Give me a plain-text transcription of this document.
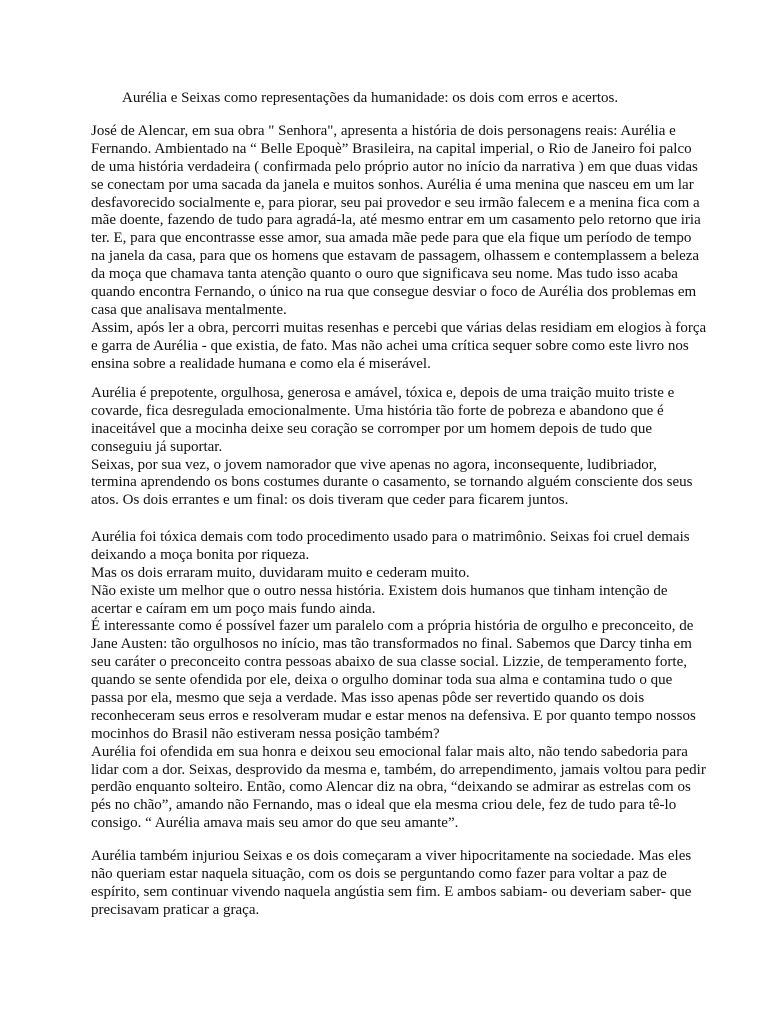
Aurélia e Seixas como representações da humanidade: os dois com erros e acertos.
José de Alencar, em sua obra " Senhora", apresenta a história de dois personagens reais: Aurélia e
Fernando. Ambientado na “ Belle Epoquè” Brasileira, na capital imperial, o Rio de Janeiro foi palco
de uma história verdadeira ( confirmada pelo próprio autor no início da narrativa ) em que duas vidas
se conectam por uma sacada da janela e muitos sonhos. Aurélia é uma menina que nasceu em um lar
desfavorecido socialmente e, para piorar, seu pai provedor e seu irmão falecem e a menina fica com a
mãe doente, fazendo de tudo para agradá-la, até mesmo entrar em um casamento pelo retorno que iria
ter. E, para que encontrasse esse amor, sua amada mãe pede para que ela fique um período de tempo
na janela da casa, para que os homens que estavam de passagem, olhassem e contemplassem a beleza
da moça que chamava tanta atenção quanto o ouro que significava seu nome. Mas tudo isso acaba
quando encontra Fernando, o único na rua que consegue desviar o foco de Aurélia dos problemas em
casa que analisava mentalmente.
Assim, após ler a obra, percorri muitas resenhas e percebi que várias delas residiam em elogios à força
e garra de Aurélia - que existia, de fato. Mas não achei uma crítica sequer sobre como este livro nos
ensina sobre a realidade humana e como ela é miserável.
Aurélia é prepotente, orgulhosa, generosa e amável, tóxica e, depois de uma traição muito triste e
covarde, fica desregulada emocionalmente. Uma história tão forte de pobreza e abandono que é
inaceitável que a mocinha deixe seu coração se corromper por um homem depois de tudo que
conseguiu já suportar.
Seixas, por sua vez, o jovem namorador que vive apenas no agora, inconsequente, ludibriador,
termina aprendendo os bons costumes durante o casamento, se tornando alguém consciente dos seus
atos. Os dois errantes e um final: os dois tiveram que ceder para ficarem juntos.
Aurélia foi tóxica demais com todo procedimento usado para o matrimônio. Seixas foi cruel demais
deixando a moça bonita por riqueza.
Mas os dois erraram muito, duvidaram muito e cederam muito.
Não existe um melhor que o outro nessa história. Existem dois humanos que tinham intenção de
acertar e caíram em um poço mais fundo ainda.
É interessante como é possível fazer um paralelo com a própria história de orgulho e preconceito, de
Jane Austen: tão orgulhosos no início, mas tão transformados no final. Sabemos que Darcy tinha em
seu caráter o preconceito contra pessoas abaixo de sua classe social. Lizzie, de temperamento forte,
quando se sente ofendida por ele, deixa o orgulho dominar toda sua alma e contamina tudo o que
passa por ela, mesmo que seja a verdade. Mas isso apenas pôde ser revertido quando os dois
reconheceram seus erros e resolveram mudar e estar menos na defensiva. E por quanto tempo nossos
mocinhos do Brasil não estiveram nessa posição também?
Aurélia foi ofendida em sua honra e deixou seu emocional falar mais alto, não tendo sabedoria para
lidar com a dor. Seixas, desprovido da mesma e, também, do arrependimento, jamais voltou para pedir
perdão enquanto solteiro. Então, como Alencar diz na obra, “deixando se admirar as estrelas com os
pés no chão”, amando não Fernando, mas o ideal que ela mesma criou dele, fez de tudo para tê-lo
consigo. “ Aurélia amava mais seu amor do que seu amante”.
Aurélia também injuriou Seixas e os dois começaram a viver hipocritamente na sociedade. Mas eles
não queriam estar naquela situação, com os dois se perguntando como fazer para voltar a paz de
espírito, sem continuar vivendo naquela angústia sem fim. E ambos sabiam- ou deveriam saber- que
precisavam praticar a graça.
